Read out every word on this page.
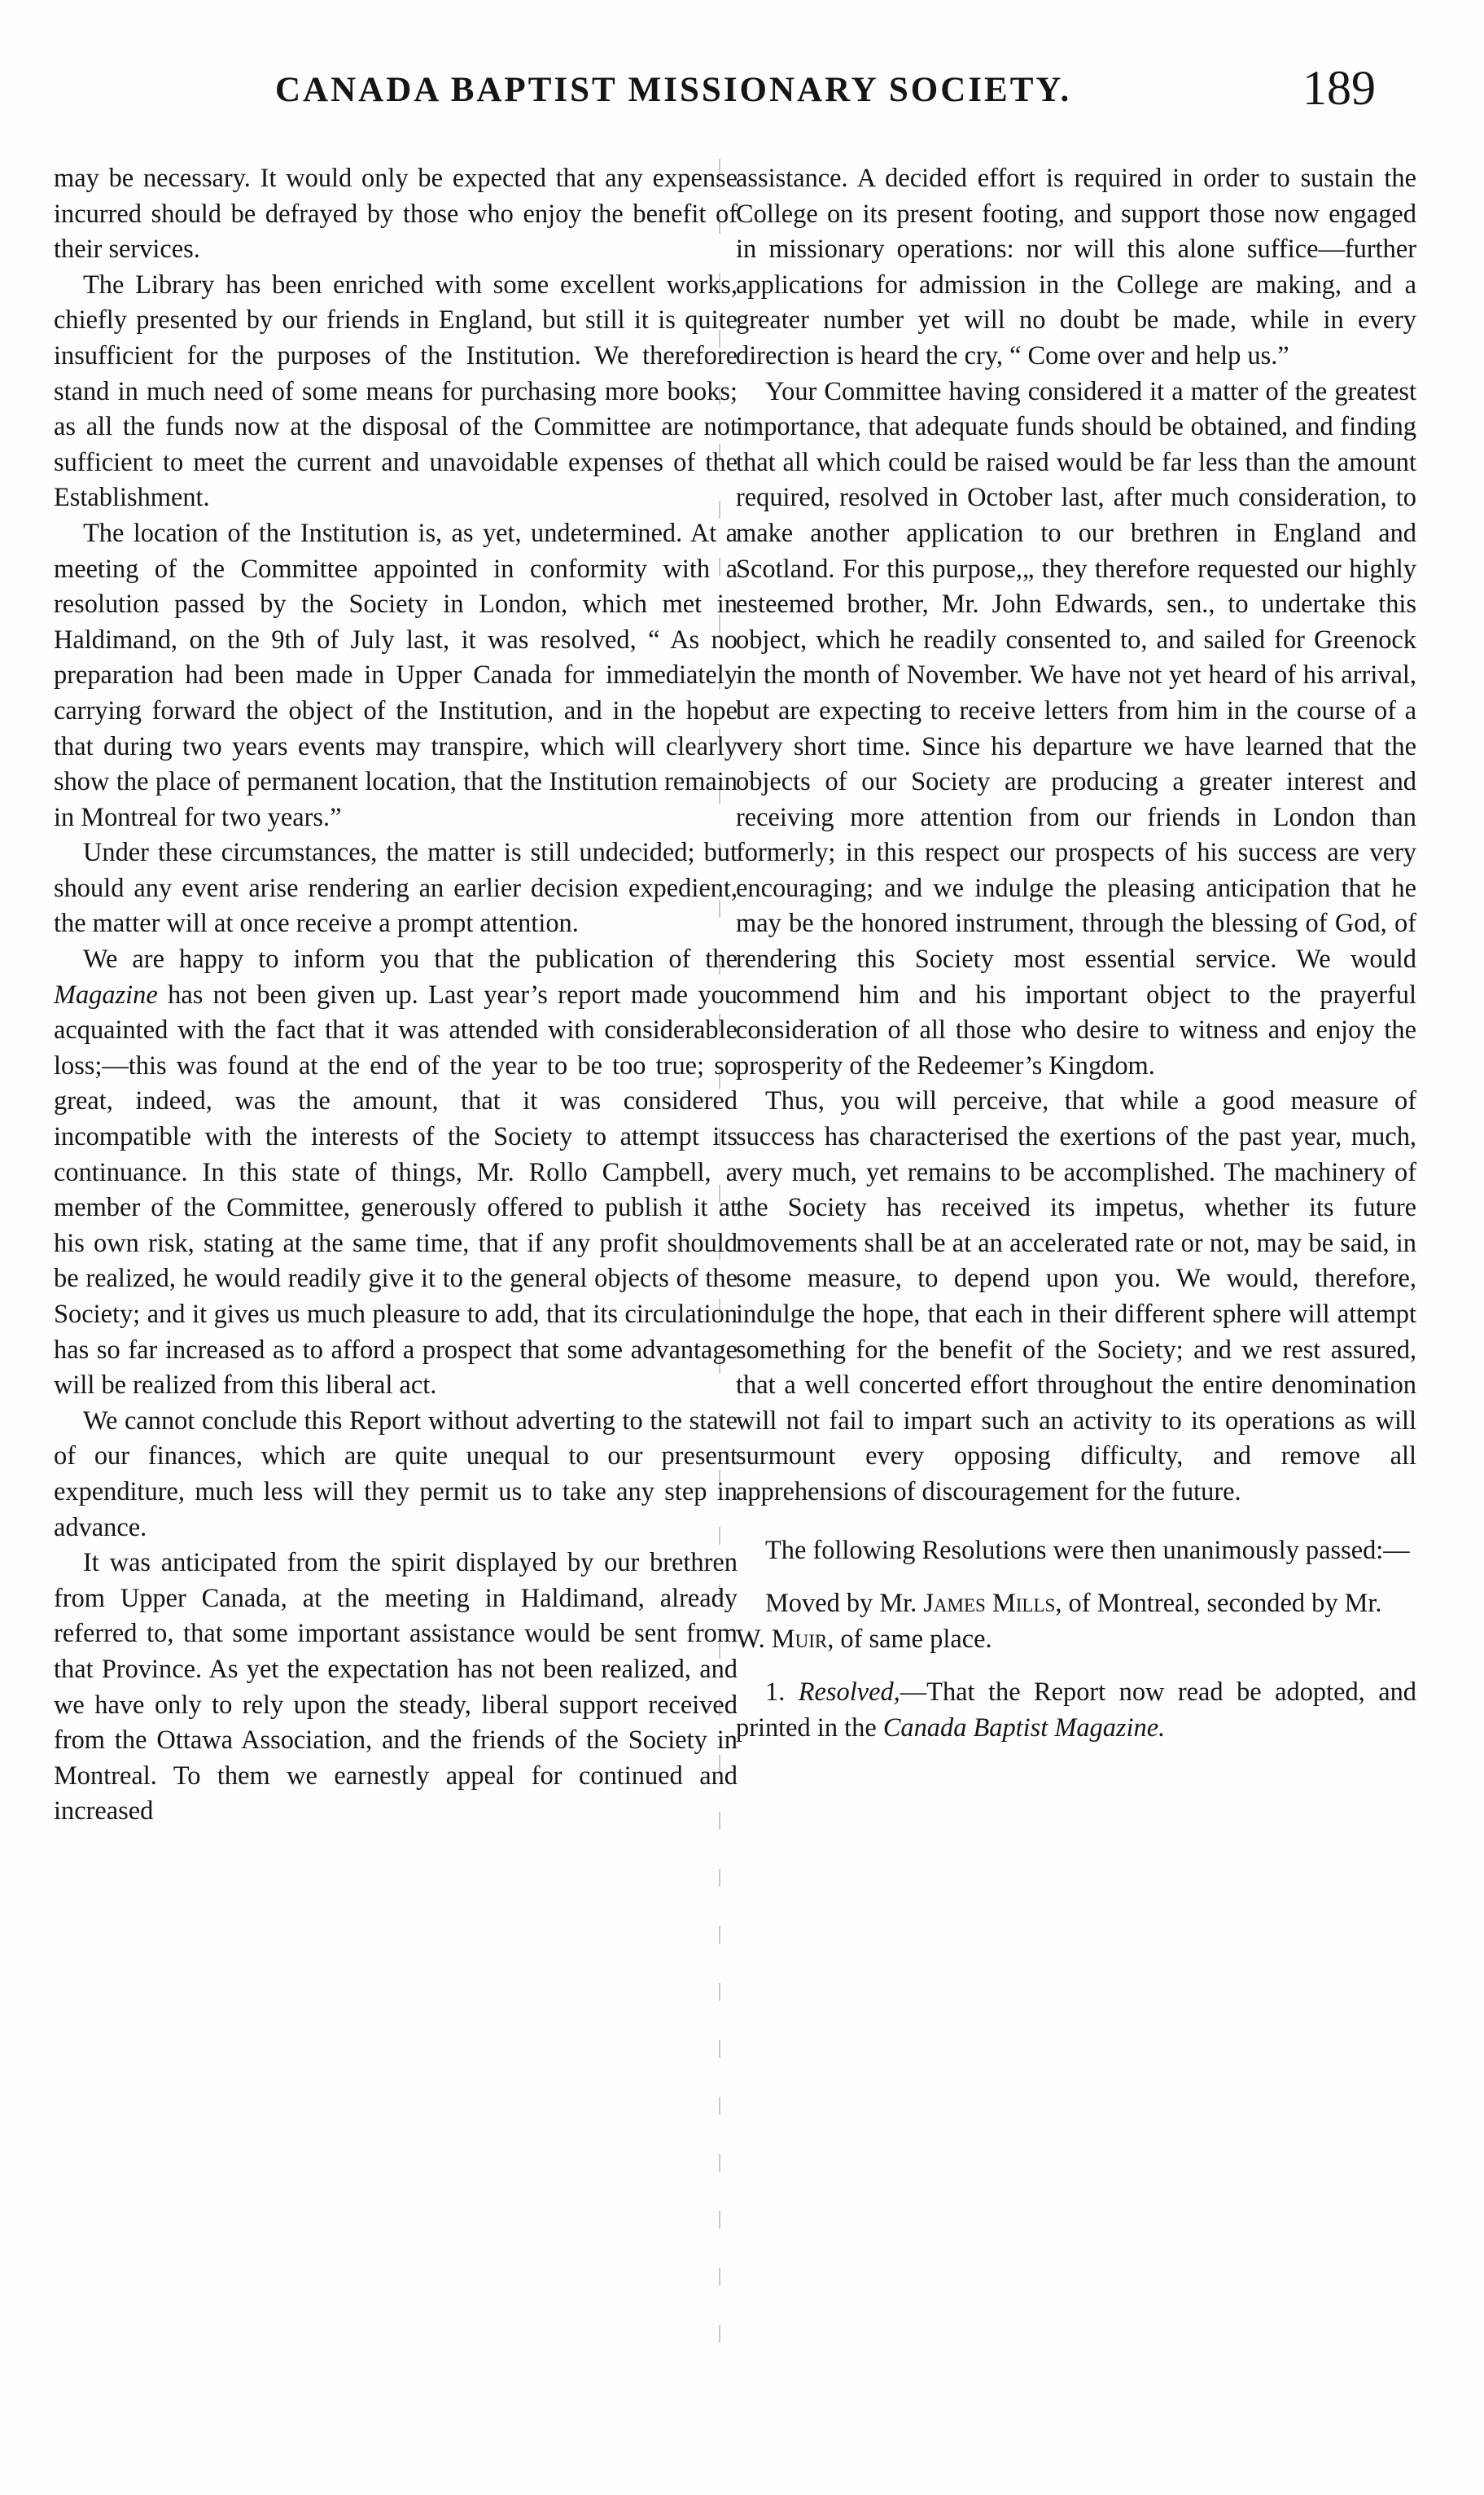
CANADA BAPTIST MISSIONARY SOCIETY.	189

may be necessary. It would only be expected that any expense incurred should be defrayed by those who enjoy the benefit of their services.

The Library has been enriched with some excellent works, chiefly presented by our friends in England, but still it is quite insufficient for the purposes of the Institution. We therefore stand in much need of some means for purchasing more books; as all the funds now at the disposal of the Committee are not sufficient to meet the current and unavoidable expenses of the Establishment.

The location of the Institution is, as yet, undetermined. At a meeting of the Committee appointed in conformity with a resolution passed by the Society in London, which met in Haldimand, on the 9th of July last, it was resolved, “ As no preparation had been made in Upper Canada for immediately carrying forward the object of the Institution, and in the hope that during two years events may transpire, which will clearly show the place of permanent location, that the Institution remain in Montreal for two years.”

Under these circumstances, the matter is still undecided; but should any event arise rendering an earlier decision expedient, the matter will at once receive a prompt attention.

We are happy to inform you that the publication of the Magazine has not been given up. Last year’s report made you acquainted with the fact that it was attended with considerable loss;—this was found at the end of the year to be too true; so great, indeed, was the amount, that it was considered incompatible with the interests of the Society to attempt its continuance. In this state of things, Mr. Rollo Campbell, a member of the Committee, generously offered to publish it at his own risk, stating at the same time, that if any profit should be realized, he would readily give it to the general objects of the Society; and it gives us much pleasure to add, that its circulation has so far increased as to afford a prospect that some advantage will be realized from this liberal act.

We cannot conclude this Report without adverting to the state of our finances, which are quite unequal to our present expenditure, much less will they permit us to take any step in advance.

It was anticipated from the spirit displayed by our brethren from Upper Canada, at the meeting in Haldimand, already referred to, that some important assistance would be sent from that Province. As yet the expectation has not been realized, and we have only to rely upon the steady, liberal support received from the Ottawa Association, and the friends of the Society in Montreal. To them we earnestly appeal for continued and increased

assistance. A decided effort is required in order to sustain the College on its present footing, and support those now engaged in missionary operations: nor will this alone suffice—further applications for admission in the College are making, and a greater number yet will no doubt be made, while in every direction is heard the cry, “ Come over and help us.”

Your Committee having considered it a matter of the greatest importance, that adequate funds should be obtained, and finding that all which could be raised would be far less than the amount required, resolved in October last, after much consideration, to make another application to our brethren in England and Scotland. For this purpose,„ they therefore requested our highly esteemed brother, Mr. John Edwards, sen., to undertake this object, which he readily consented to, and sailed for Greenock in the month of November. We have not yet heard of his arrival, but are expecting to receive letters from him in the course of a very short time. Since his departure we have learned that the objects of our Society are producing a greater interest and receiving more attention from our friends in London than formerly; in this respect our prospects of his success are very encouraging; and we indulge the pleasing anticipation that he may be the honored instrument, through the blessing of God, of rendering this Society most essential service. We would commend him and his important object to the prayerful consideration of all those who desire to witness and enjoy the prosperity of the Redeemer’s Kingdom.

Thus, you will perceive, that while a good measure of success has characterised the exertions of the past year, much, very much, yet remains to be accomplished. The machinery of the Society has received its impetus, whether its future movements shall be at an accelerated rate or not, may be said, in some measure, to depend upon you. We would, therefore, indulge the hope, that each in their different sphere will attempt something for the benefit of the Society; and we rest assured, that a well concerted effort throughout the entire denomination will not fail to impart such an activity to its operations as will surmount every opposing difficulty, and remove all apprehensions of discouragement for the future.

The following Resolutions were then unanimously passed:—

Moved by Mr. James Mills, of Montreal, seconded by Mr. W. Muir, of same place.

1. Resolved,—That the Report now read be adopted, and printed in the Canada Baptist Magazine.
